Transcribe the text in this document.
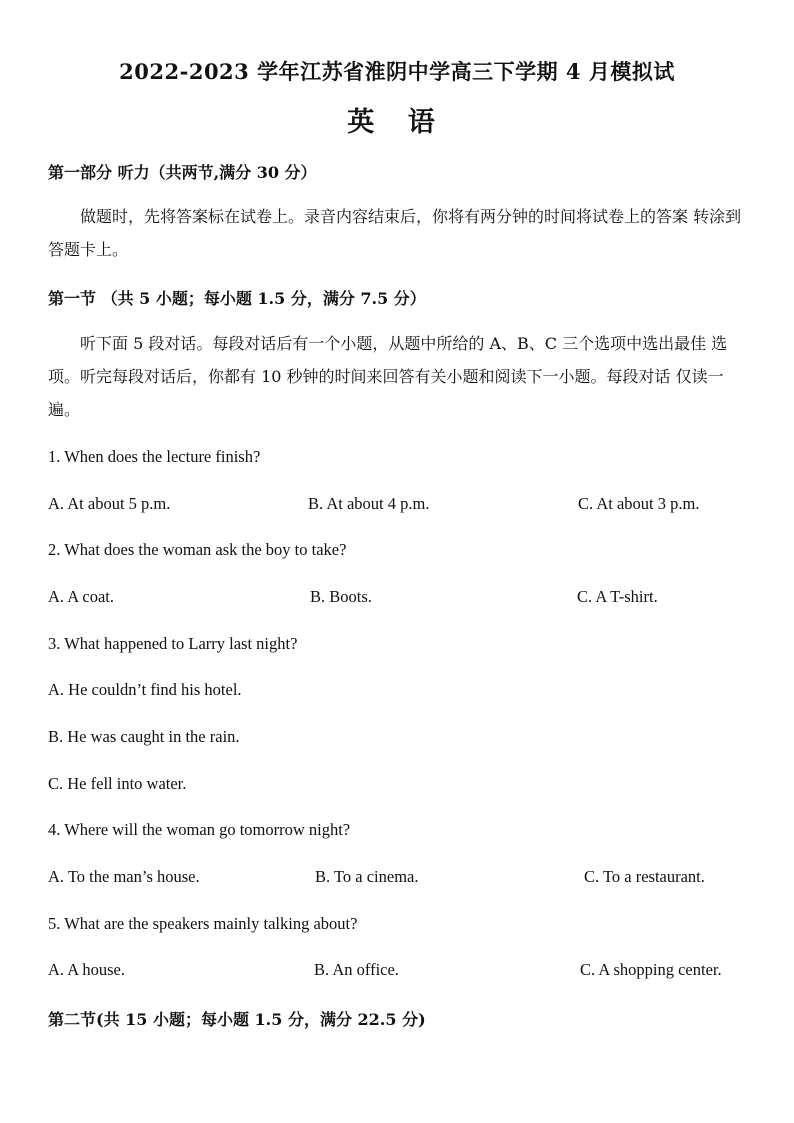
2022-2023 学年江苏省淮阴中学高三下学期 4 月模拟试
英 语
第一部分 听力（共两节,满分 30 分）
做题时，先将答案标在试卷上。录音内容结束后，你将有两分钟的时间将试卷上的答案 转涂到答题卡上。
第一节 （共 5 小题；每小题 1.5 分，满分 7.5 分）
听下面 5 段对话。每段对话后有一个小题，从题中所给的 A、B、C 三个选项中选出最佳 选项。听完每段对话后，你都有 10 秒钟的时间来回答有关小题和阅读下一小题。每段对话 仅读一遍。
1. When does the lecture finish?
A. At about 5 p.m.	B. At about 4 p.m.	C. At about 3 p.m.
2. What does the woman ask the boy to take?
A. A coat.	B. Boots.	C. A T-shirt.
3. What happened to Larry last night?
A. He couldn’t find his hotel.
B. He was caught in the rain.
C. He fell into water.
4. Where will the woman go tomorrow night?
A. To the man’s house.	B. To a cinema.	C. To a restaurant.
5. What are the speakers mainly talking about?
A. A house.	B. An office.	C. A shopping center.
第二节(共 15 小题；每小题 1.5 分，满分 22.5 分)
